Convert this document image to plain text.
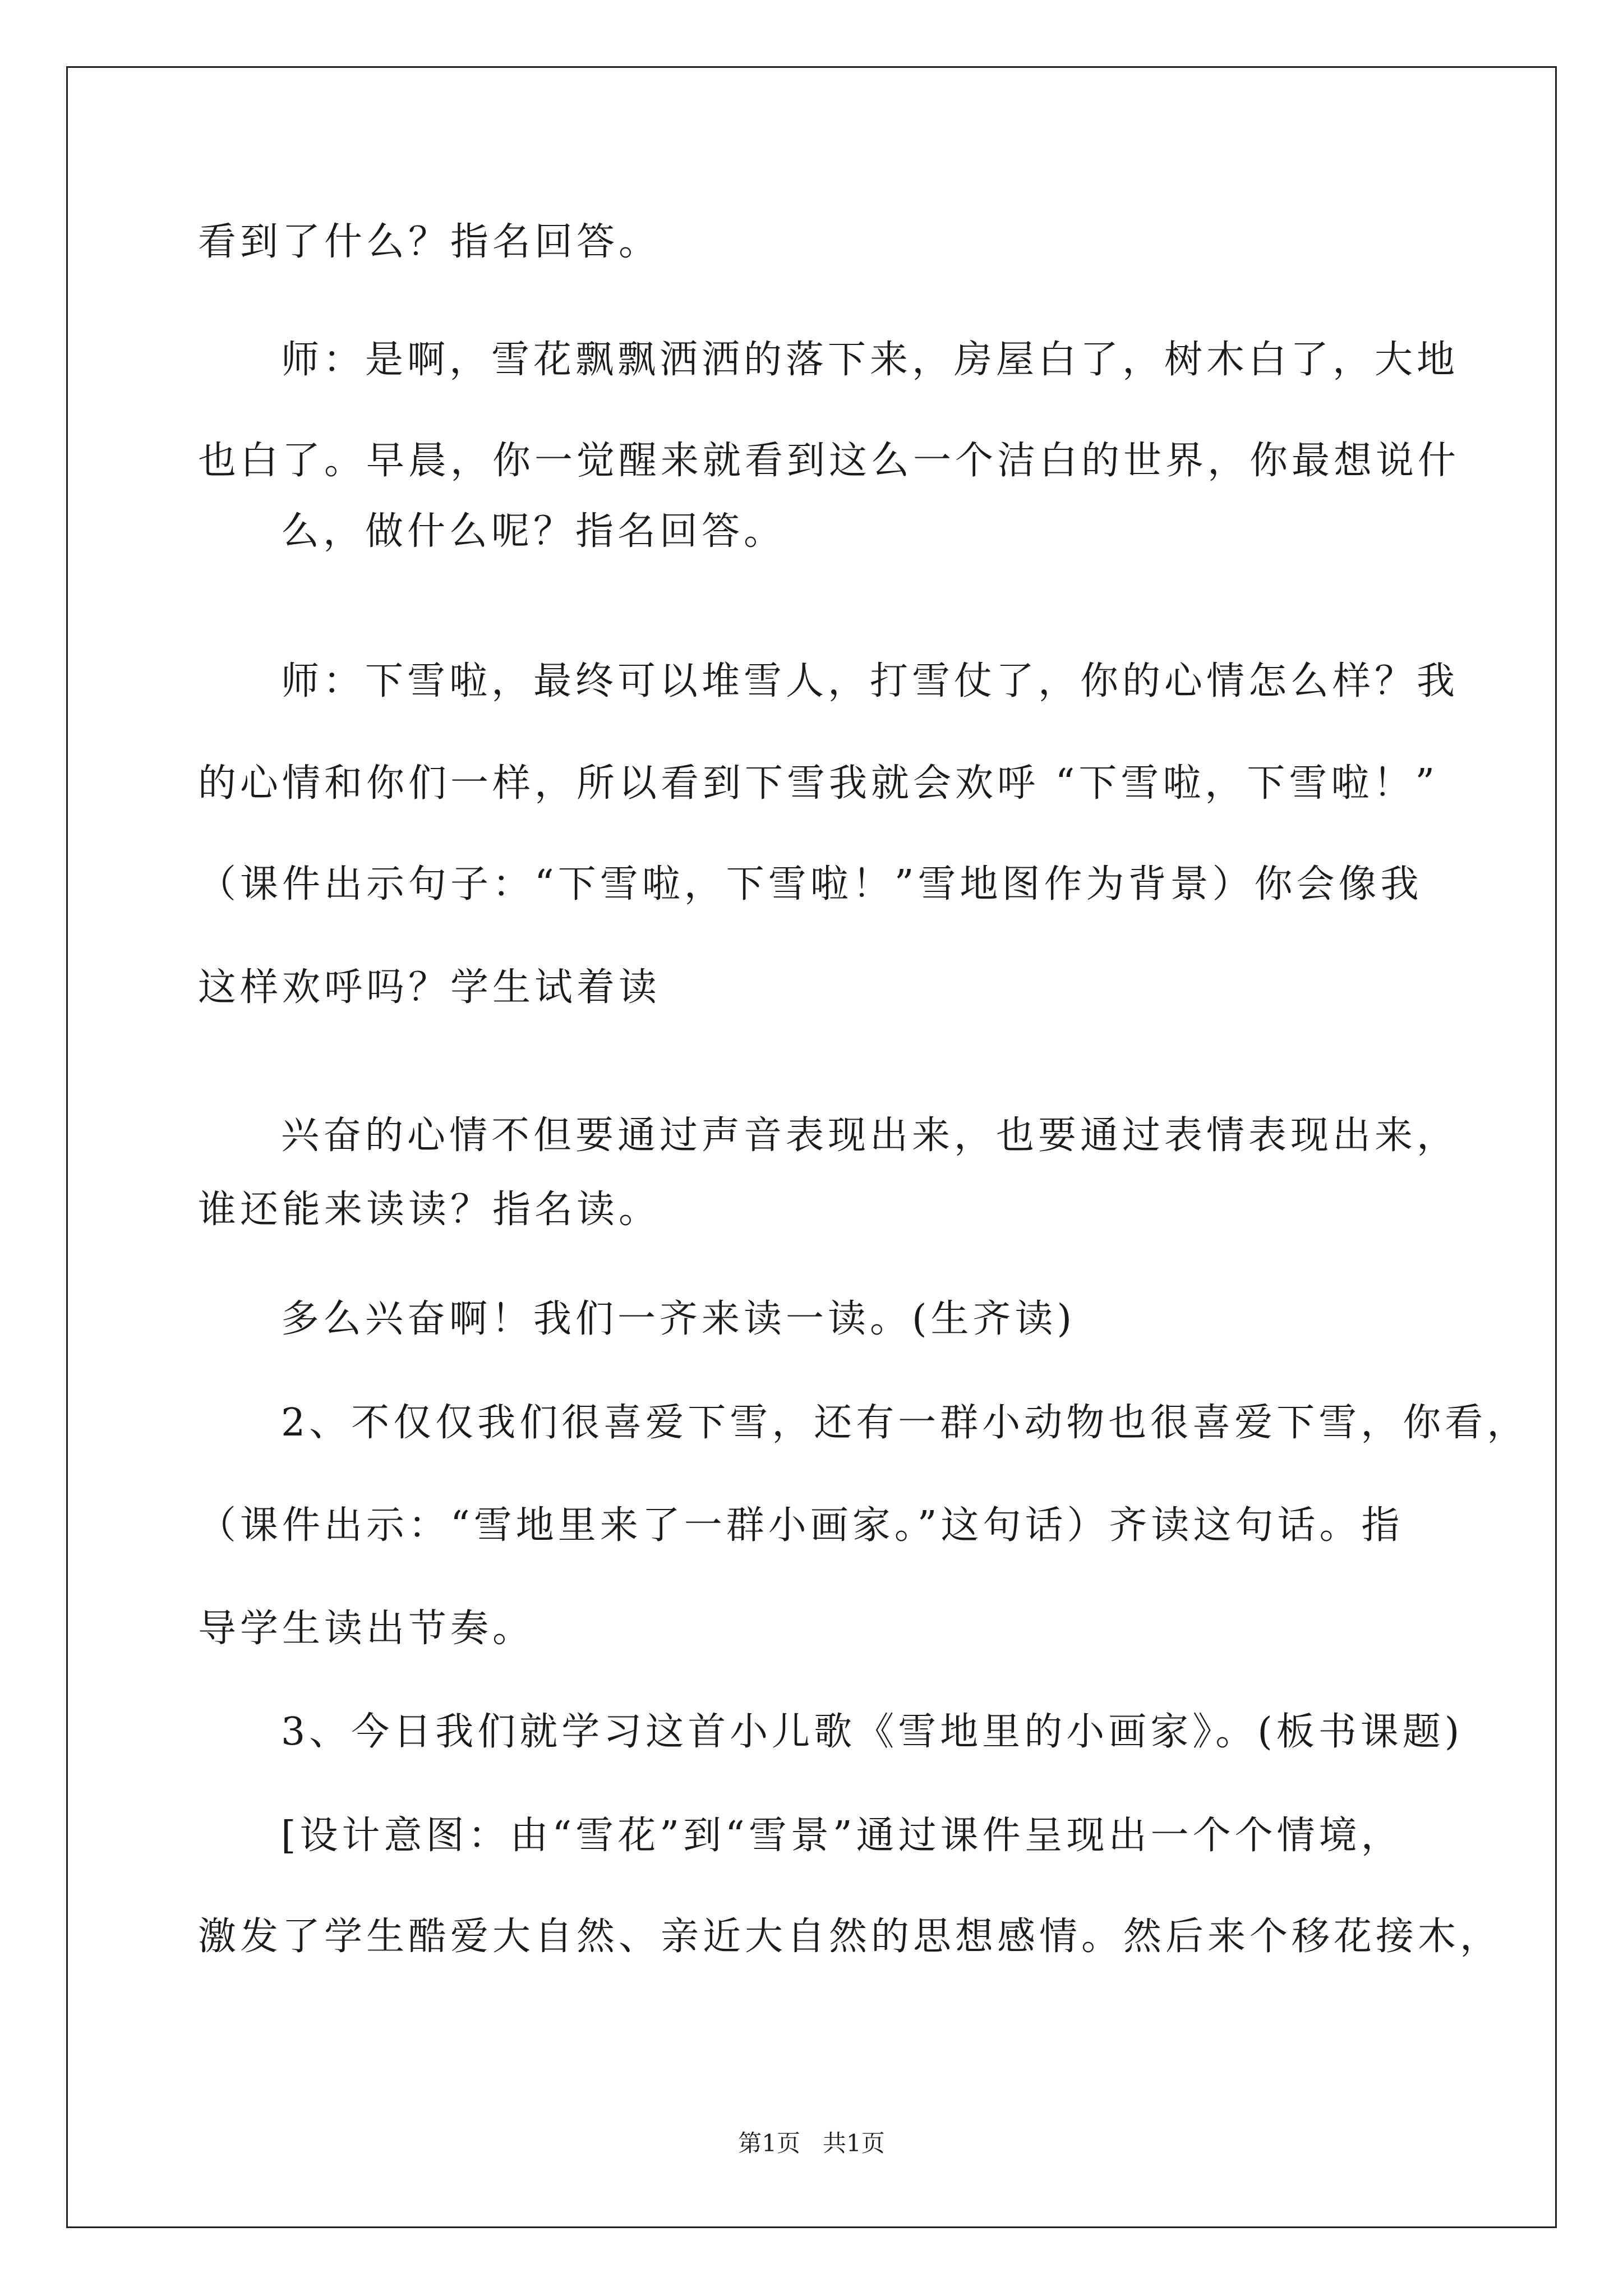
看到了什么？指名回答。
师：是啊，雪花飘飘洒洒的落下来，房屋白了，树木白了，大地
也白了。早晨，你一觉醒来就看到这么一个洁白的世界，你最想说什
么，做什么呢？指名回答。
师：下雪啦，最终可以堆雪人，打雪仗了，你的心情怎么样？我
的心情和你们一样，所以看到下雪我就会欢呼 “下雪啦，下雪啦！”
（课件出示句子：“下雪啦，下雪啦！”雪地图作为背景）你会像我
这样欢呼吗？学生试着读
兴奋的心情不但要通过声音表现出来，也要通过表情表现出来，
谁还能来读读？指名读。
多么兴奋啊！我们一齐来读一读。(生齐读)
2、不仅仅我们很喜爱下雪，还有一群小动物也很喜爱下雪，你看，
（课件出示：“雪地里来了一群小画家。”这句话）齐读这句话。指
导学生读出节奏。
3、今日我们就学习这首小儿歌《雪地里的小画家》。(板书课题)
[设计意图：由“雪花”到“雪景”通过课件呈现出一个个情境，
激发了学生酷爱大自然、亲近大自然的思想感情。然后来个移花接木，
第1页   共1页
